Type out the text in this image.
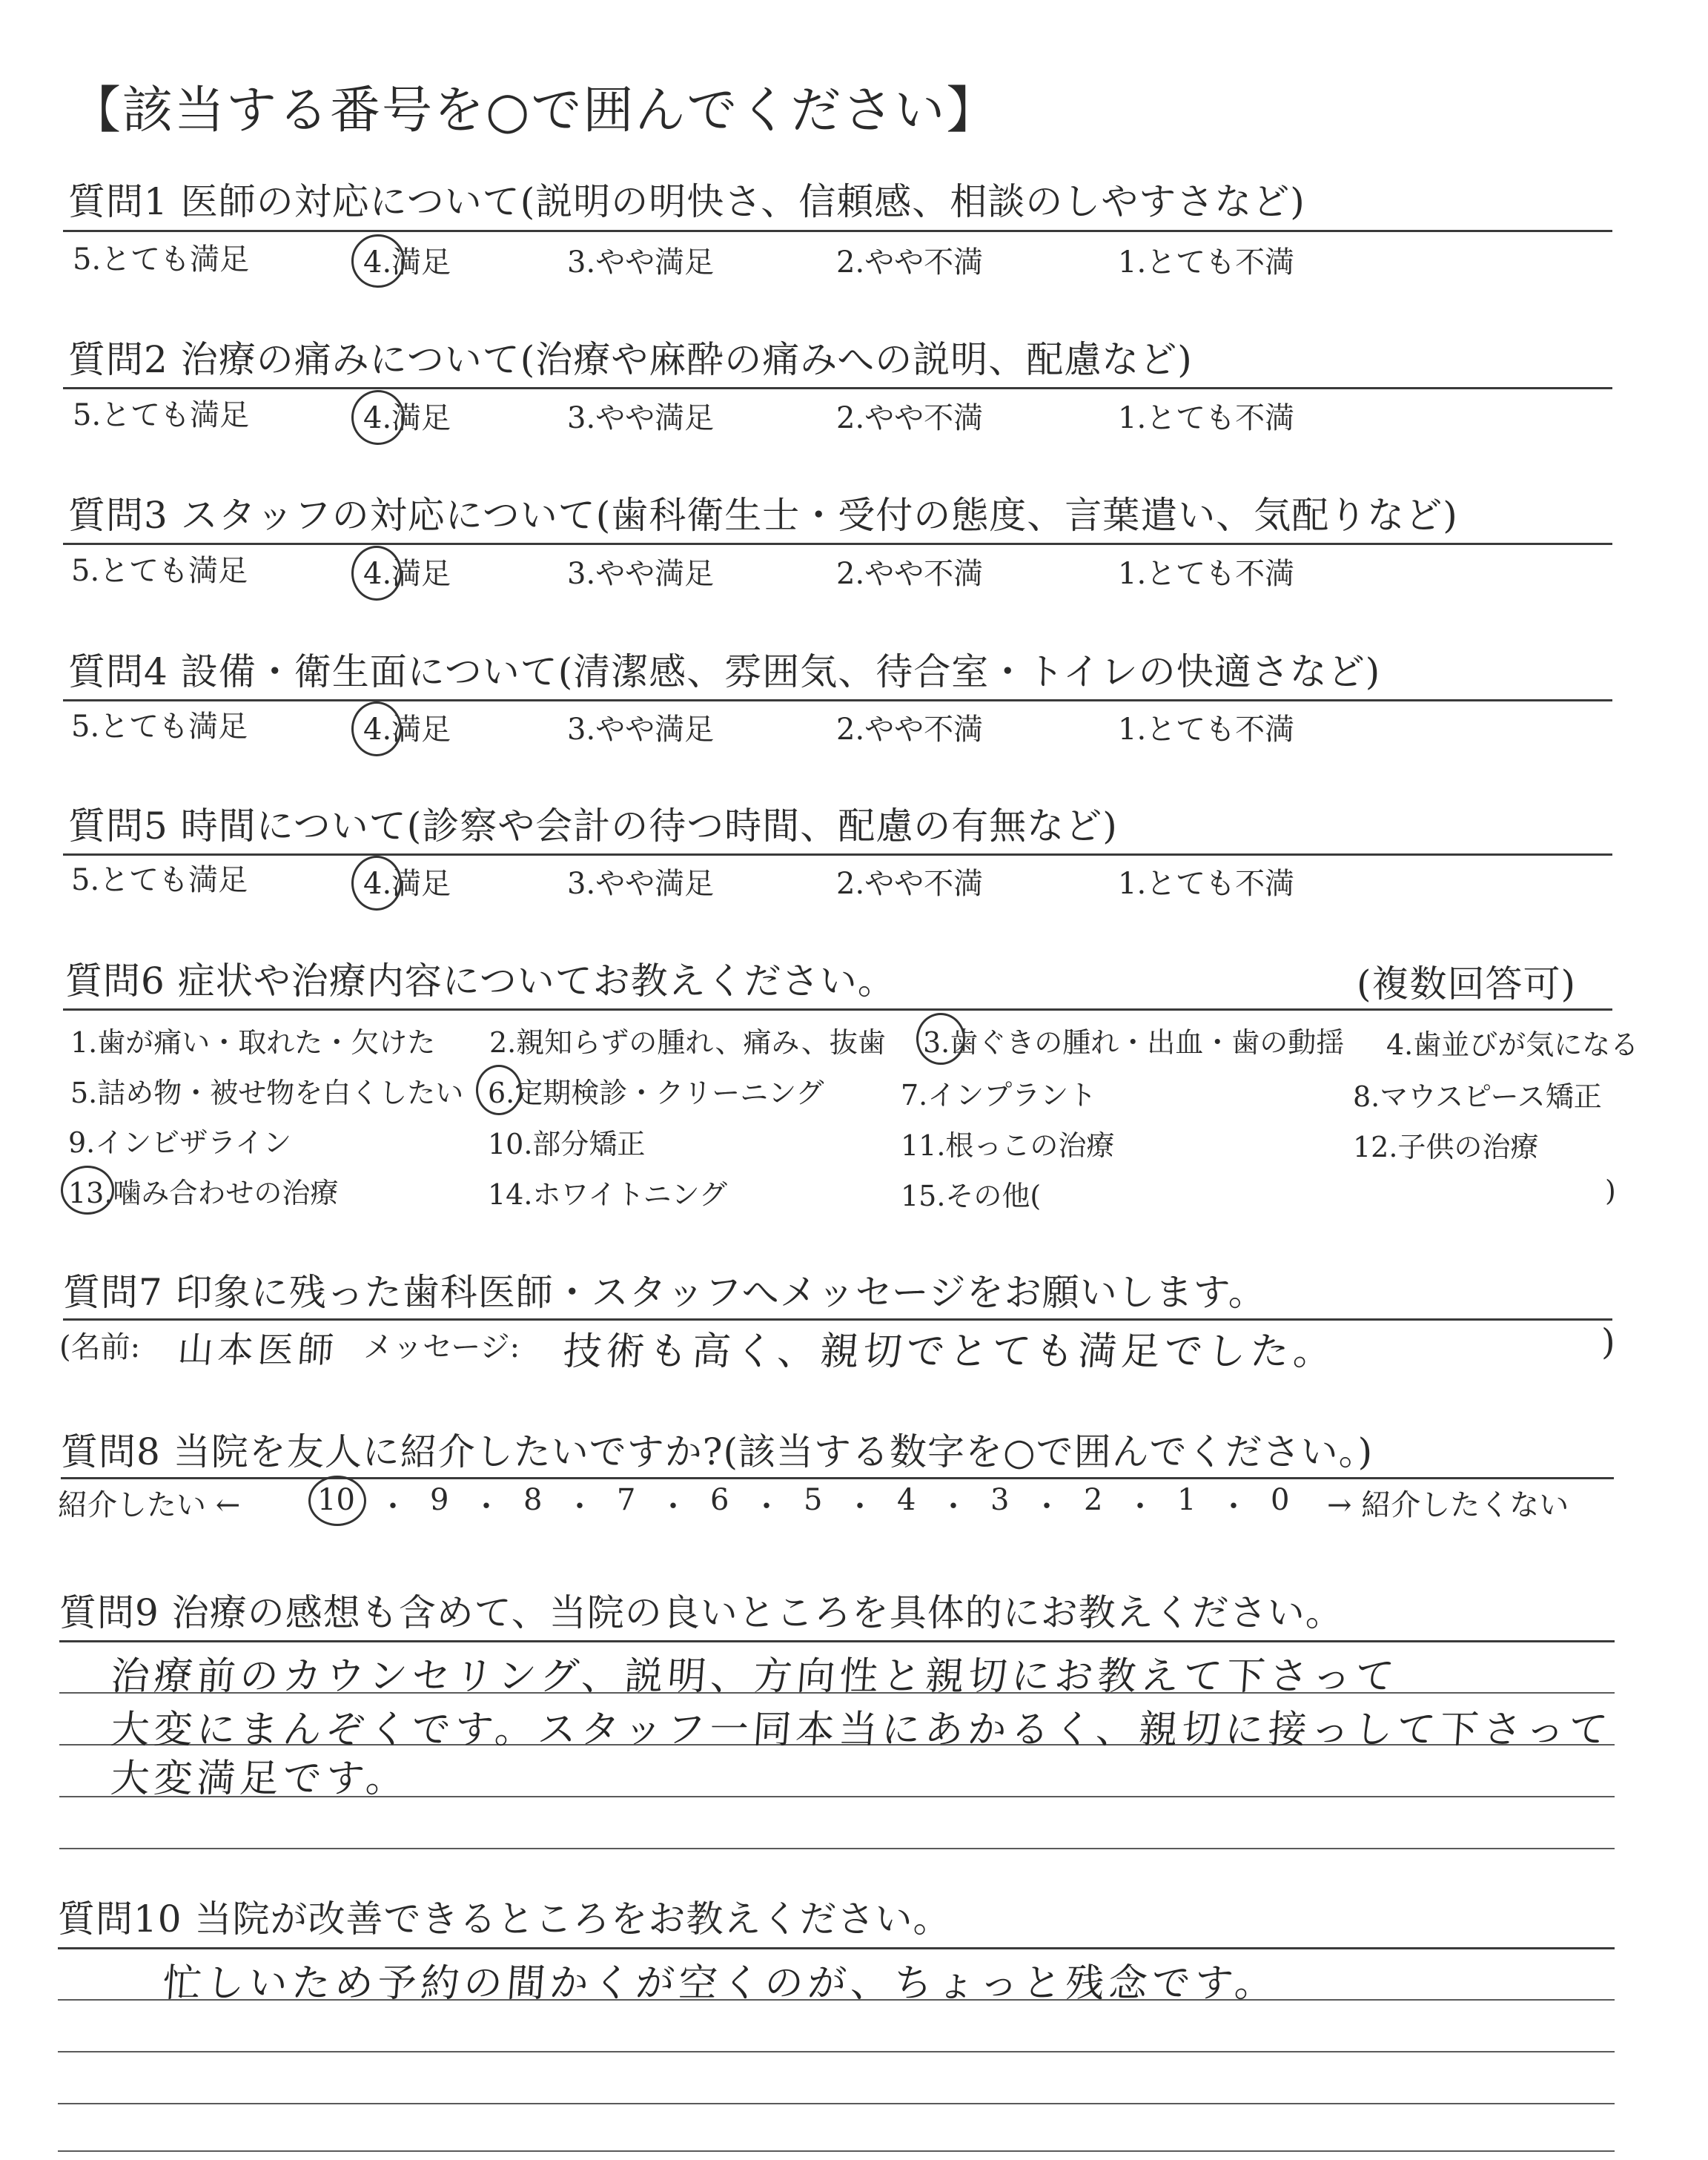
【該当する番号を○で囲んでください】
質問1 医師の対応について(説明の明快さ、信頼感、相談のしやすさなど)
5.とても満足	4.満足	3.やや満足	2.やや不満	1.とても不満
質問2 治療の痛みについて(治療や麻酔の痛みへの説明、配慮など)
5.とても満足	4.満足	3.やや満足	2.やや不満	1.とても不満
質問3 スタッフの対応について(歯科衛生士・受付の態度、言葉遣い、気配りなど)
5.とても満足	4.満足	3.やや満足	2.やや不満	1.とても不満
質問4 設備・衛生面について(清潔感、雰囲気、待合室・トイレの快適さなど)
5.とても満足	4.満足	3.やや満足	2.やや不満	1.とても不満
質問5 時間について(診察や会計の待つ時間、配慮の有無など)
5.とても満足	4.満足	3.やや満足	2.やや不満	1.とても不満
質問6 症状や治療内容についてお教えください。	(複数回答可)
1.歯が痛い・取れた・欠けた 2.親知らずの腫れ、痛み、抜歯 3.歯ぐきの腫れ・出血・歯の動揺 4.歯並びが気になる
5.詰め物・被せ物を白くしたい 6.定期検診・クリーニング	7.インプラント	8.マウスピース矯正
9.インビザライン	10.部分矯正	11.根っこの治療	12.子供の治療
13.噛み合わせの治療	14.ホワイトニング	15.その他(	)
質問7 印象に残った歯科医師・スタッフへメッセージをお願いします。
(名前: 山本医師 メッセージ: 技術も高く、親切でとても満足でした。	)
質問8 当院を友人に紹介したいですか?(該当する数字を○で囲んでください。)
紹介したい ←	10 ・ 9 ・ 8 ・ 7 ・ 6 ・ 5 ・ 4 ・ 3 ・ 2 ・ 1 ・ 0 → 紹介したくない
質問9 治療の感想も含めて、当院の良いところを具体的にお教えください。
治療前のカウンセリング、説明、方向性と親切にお教えて下さって
大変にまんぞくです。スタッフ一同本当にあかるく、親切に接っして下さって
大変満足です。
質問10 当院が改善できるところをお教えください。
忙しいため予約の間かくが空くのが、ちょっと残念です。
